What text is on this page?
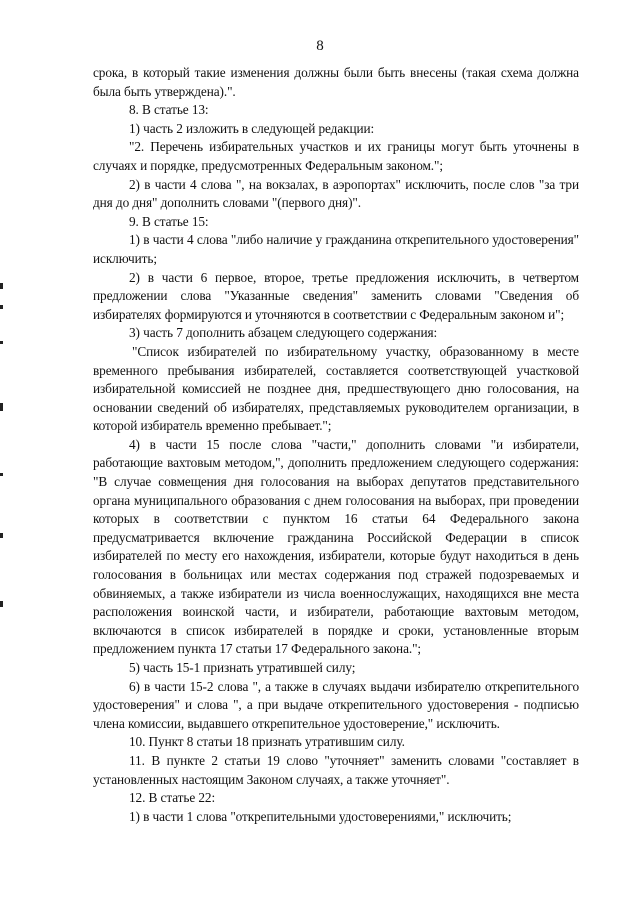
8

срока, в который такие изменения должны были быть внесены (такая схема должна была быть утверждена).".

8. В статье 13:

1) часть 2 изложить в следующей редакции:

"2. Перечень избирательных участков и их границы могут быть уточнены в случаях и порядке, предусмотренных Федеральным законом.";

2) в части 4 слова ", на вокзалах, в аэропортах" исключить, после слов "за три дня до дня" дополнить словами "(первого дня)".

9. В статье 15:

1) в части 4 слова "либо наличие у гражданина открепительного удостоверения" исключить;

2) в части 6 первое, второе, третье предложения исключить, в четвертом предложении слова "Указанные сведения" заменить словами "Сведения об избирателях формируются и уточняются в соответствии с Федеральным законом и";

3) часть 7 дополнить абзацем следующего содержания:

"Список избирателей по избирательному участку, образованному в месте временного пребывания избирателей, составляется соответствующей участковой избирательной комиссией не позднее дня, предшествующего дню голосования, на основании сведений об избирателях, представляемых руководителем организации, в которой избиратель временно пребывает.";

4) в части 15 после слова "части," дополнить словами "и избиратели, работающие вахтовым методом,", дополнить предложением следующего содержания: "В случае совмещения дня голосования на выборах депутатов представительного органа муниципального образования с днем голосования на выборах, при проведении которых в соответствии с пунктом 16 статьи 64 Федерального закона предусматривается включение гражданина Российской Федерации в список избирателей по месту его нахождения, избиратели, которые будут находиться в день голосования в больницах или местах содержания под стражей подозреваемых и обвиняемых, а также избиратели из числа военнослужащих, находящихся вне места расположения воинской части, и избиратели, работающие вахтовым методом, включаются в список избирателей в порядке и сроки, установленные вторым предложением пункта 17 статьи 17 Федерального закона.";

5) часть 15-1 признать утратившей силу;

6) в части 15-2 слова ", а также в случаях выдачи избирателю открепительного удостоверения" и слова ", а при выдаче открепительного удостоверения - подписью члена комиссии, выдавшего открепительное удостоверение," исключить.

10. Пункт 8 статьи 18 признать утратившим силу.

11. В пункте 2 статьи 19 слово "уточняет" заменить словами "составляет в установленных настоящим Законом случаях, а также уточняет".

12. В статье 22:

1) в части 1 слова "открепительными удостоверениями," исключить;
